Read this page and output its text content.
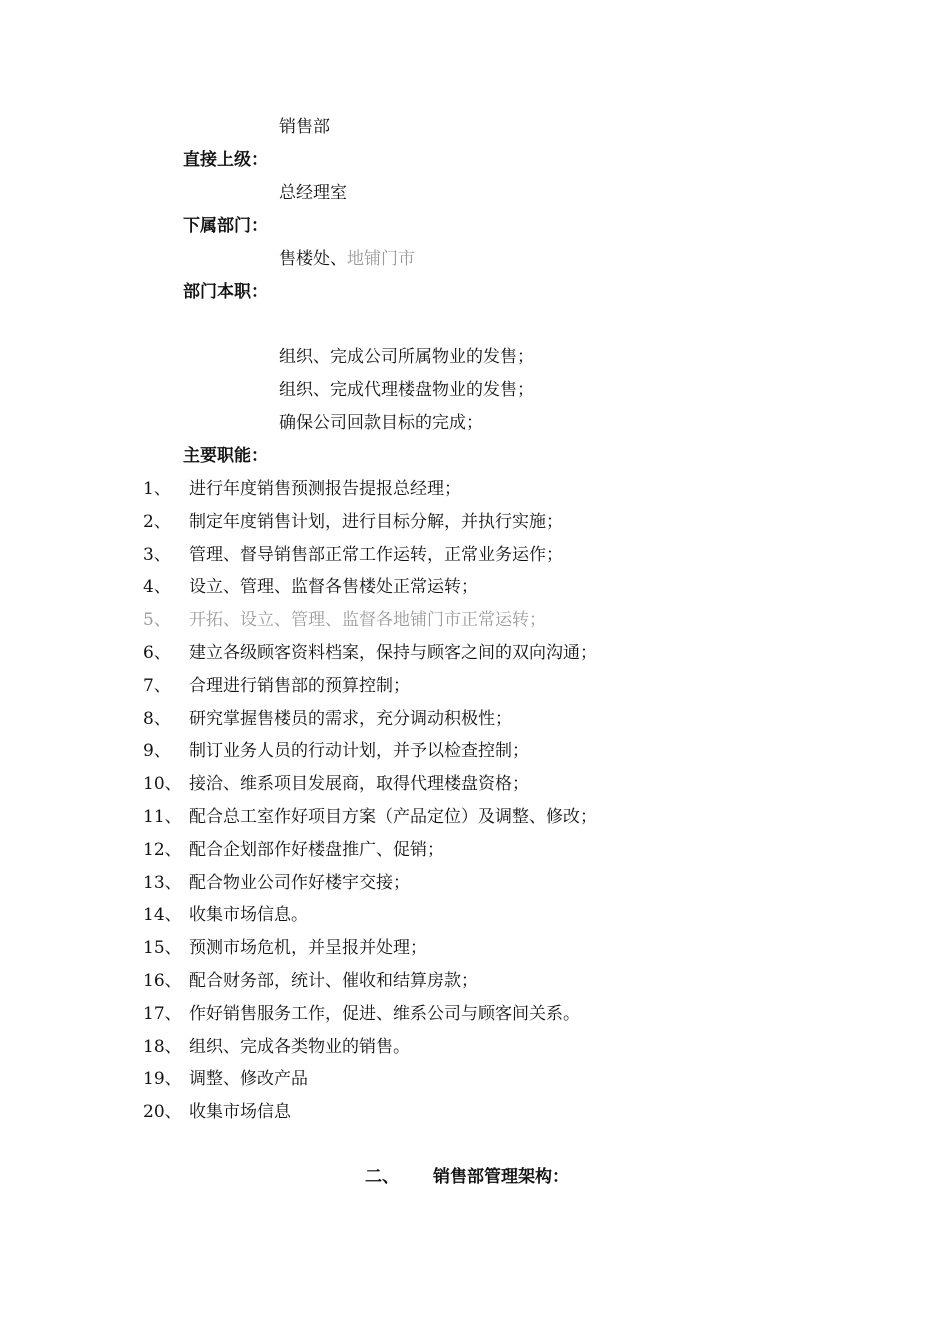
销售部
直接上级：
总经理室
下属部门：
售楼处、地铺门市
部门本职：
组织、完成公司所属物业的发售；
组织、完成代理楼盘物业的发售；
确保公司回款目标的完成；
主要职能：
1、 进行年度销售预测报告提报总经理；
2、 制定年度销售计划，进行目标分解，并执行实施；
3、 管理、督导销售部正常工作运转，正常业务运作；
4、 设立、管理、监督各售楼处正常运转；
5、 开拓、设立、管理、监督各地铺门市正常运转；
6、 建立各级顾客资料档案，保持与顾客之间的双向沟通；
7、 合理进行销售部的预算控制；
8、 研究掌握售楼员的需求，充分调动积极性；
9、 制订业务人员的行动计划，并予以检查控制；
10、 接洽、维系项目发展商，取得代理楼盘资格；
11、 配合总工室作好项目方案（产品定位）及调整、修改；
12、 配合企划部作好楼盘推广、促销；
13、 配合物业公司作好楼宇交接；
14、 收集市场信息。
15、 预测市场危机，并呈报并处理；
16、 配合财务部，统计、催收和结算房款；
17、 作好销售服务工作，促进、维系公司与顾客间关系。
18、 组织、完成各类物业的销售。
19、 调整、修改产品
20、 收集市场信息
二、 销售部管理架构：
